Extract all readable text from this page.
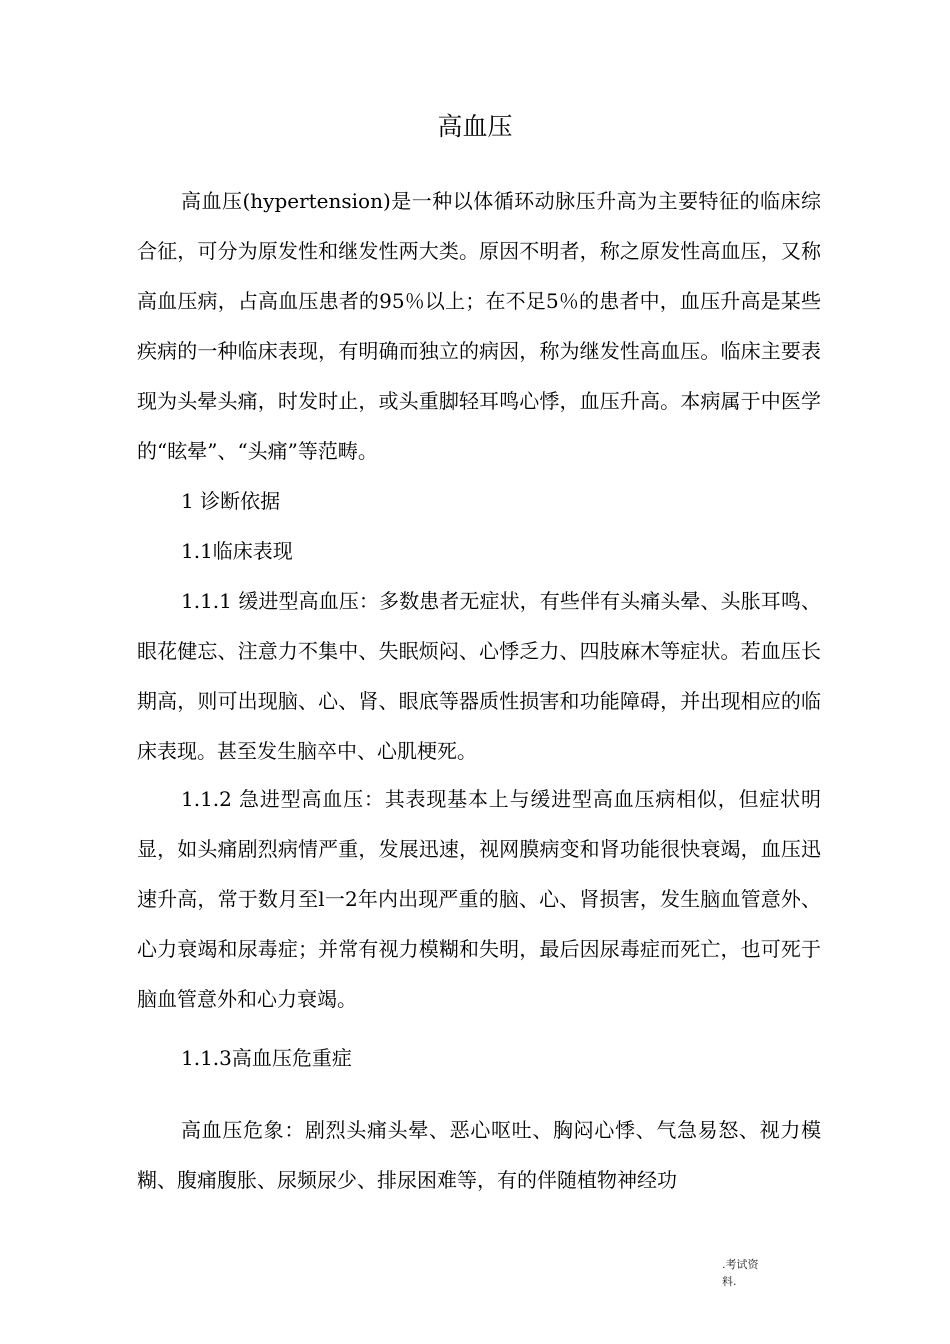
高血压
高血压(hypertension)是一种以体循环动脉压升高为主要特征的临床综合征，可分为原发性和继发性两大类。原因不明者，称之原发性高血压，又称高血压病，占高血压患者的95％以上；在不足5％的患者中，血压升高是某些疾病的一种临床表现，有明确而独立的病因，称为继发性高血压。临床主要表现为头晕头痛，时发时止，或头重脚轻耳鸣心悸，血压升高。本病属于中医学的“眩晕”、“头痛”等范畴。
1 诊断依据
1.1临床表现
1.1.1 缓进型高血压：多数患者无症状，有些伴有头痛头晕、头胀耳鸣、眼花健忘、注意力不集中、失眠烦闷、心悸乏力、四肢麻木等症状。若血压长期高，则可出现脑、心、肾、眼底等器质性损害和功能障碍，并出现相应的临床表现。甚至发生脑卒中、心肌梗死。
1.1.2 急进型高血压：其表现基本上与缓进型高血压病相似，但症状明显，如头痛剧烈病情严重，发展迅速，视网膜病变和肾功能很快衰竭，血压迅速升高，常于数月至l一2年内出现严重的脑、心、肾损害，发生脑血管意外、心力衰竭和尿毒症；并常有视力模糊和失明，最后因尿毒症而死亡，也可死于脑血管意外和心力衰竭。
1.1.3高血压危重症
高血压危象：剧烈头痛头晕、恶心呕吐、胸闷心悸、气急易怒、视力模糊、腹痛腹胀、尿频尿少、排尿困难等，有的伴随植物神经功
.考试资
料.
